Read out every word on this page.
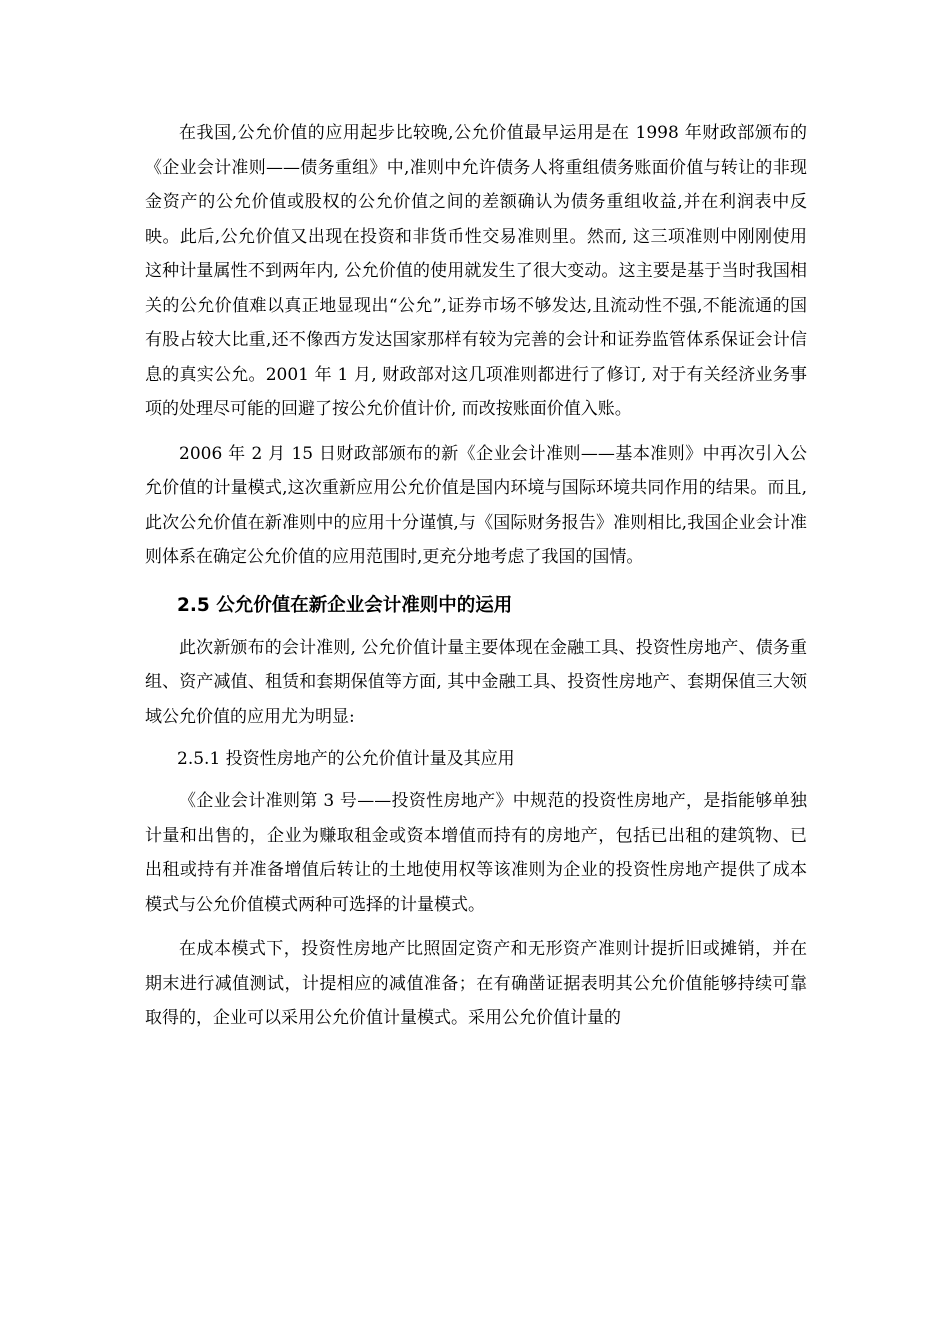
在我国,公允价值的应用起步比较晚,公允价值最早运用是在 1998 年财政部颁布的《企业会计准则——债务重组》中,准则中允许债务人将重组债务账面价值与转让的非现金资产的公允价值或股权的公允价值之间的差额确认为债务重组收益,并在利润表中反映。此后,公允价值又出现在投资和非货币性交易准则里。然而, 这三项准则中刚刚使用这种计量属性不到两年内, 公允价值的使用就发生了很大变动。这主要是基于当时我国相关的公允价值难以真正地显现出“公允”,证券市场不够发达,且流动性不强,不能流通的国有股占较大比重,还不像西方发达国家那样有较为完善的会计和证券监管体系保证会计信息的真实公允。2001 年 1 月, 财政部对这几项准则都进行了修订, 对于有关经济业务事项的处理尽可能的回避了按公允价值计价, 而改按账面价值入账。

2006 年 2 月 15 日财政部颁布的新《企业会计准则——基本准则》中再次引入公允价值的计量模式,这次重新应用公允价值是国内环境与国际环境共同作用的结果。而且,此次公允价值在新准则中的应用十分谨慎,与《国际财务报告》准则相比,我国企业会计准则体系在确定公允价值的应用范围时,更充分地考虑了我国的国情。

2.5 公允价值在新企业会计准则中的运用

此次新颁布的会计准则, 公允价值计量主要体现在金融工具、投资性房地产、债务重组、资产减值、租赁和套期保值等方面, 其中金融工具、投资性房地产、套期保值三大领域公允价值的应用尤为明显:

2.5.1 投资性房地产的公允价值计量及其应用

《企业会计准则第 3 号——投资性房地产》中规范的投资性房地产，是指能够单独计量和出售的，企业为赚取租金或资本增值而持有的房地产，包括已出租的建筑物、已出租或持有并准备增值后转让的土地使用权等该准则为企业的投资性房地产提供了成本模式与公允价值模式两种可选择的计量模式。

在成本模式下，投资性房地产比照固定资产和无形资产准则计提折旧或摊销，并在期末进行减值测试，计提相应的减值准备；在有确凿证据表明其公允价值能够持续可靠取得的，企业可以采用公允价值计量模式。采用公允价值计量的
